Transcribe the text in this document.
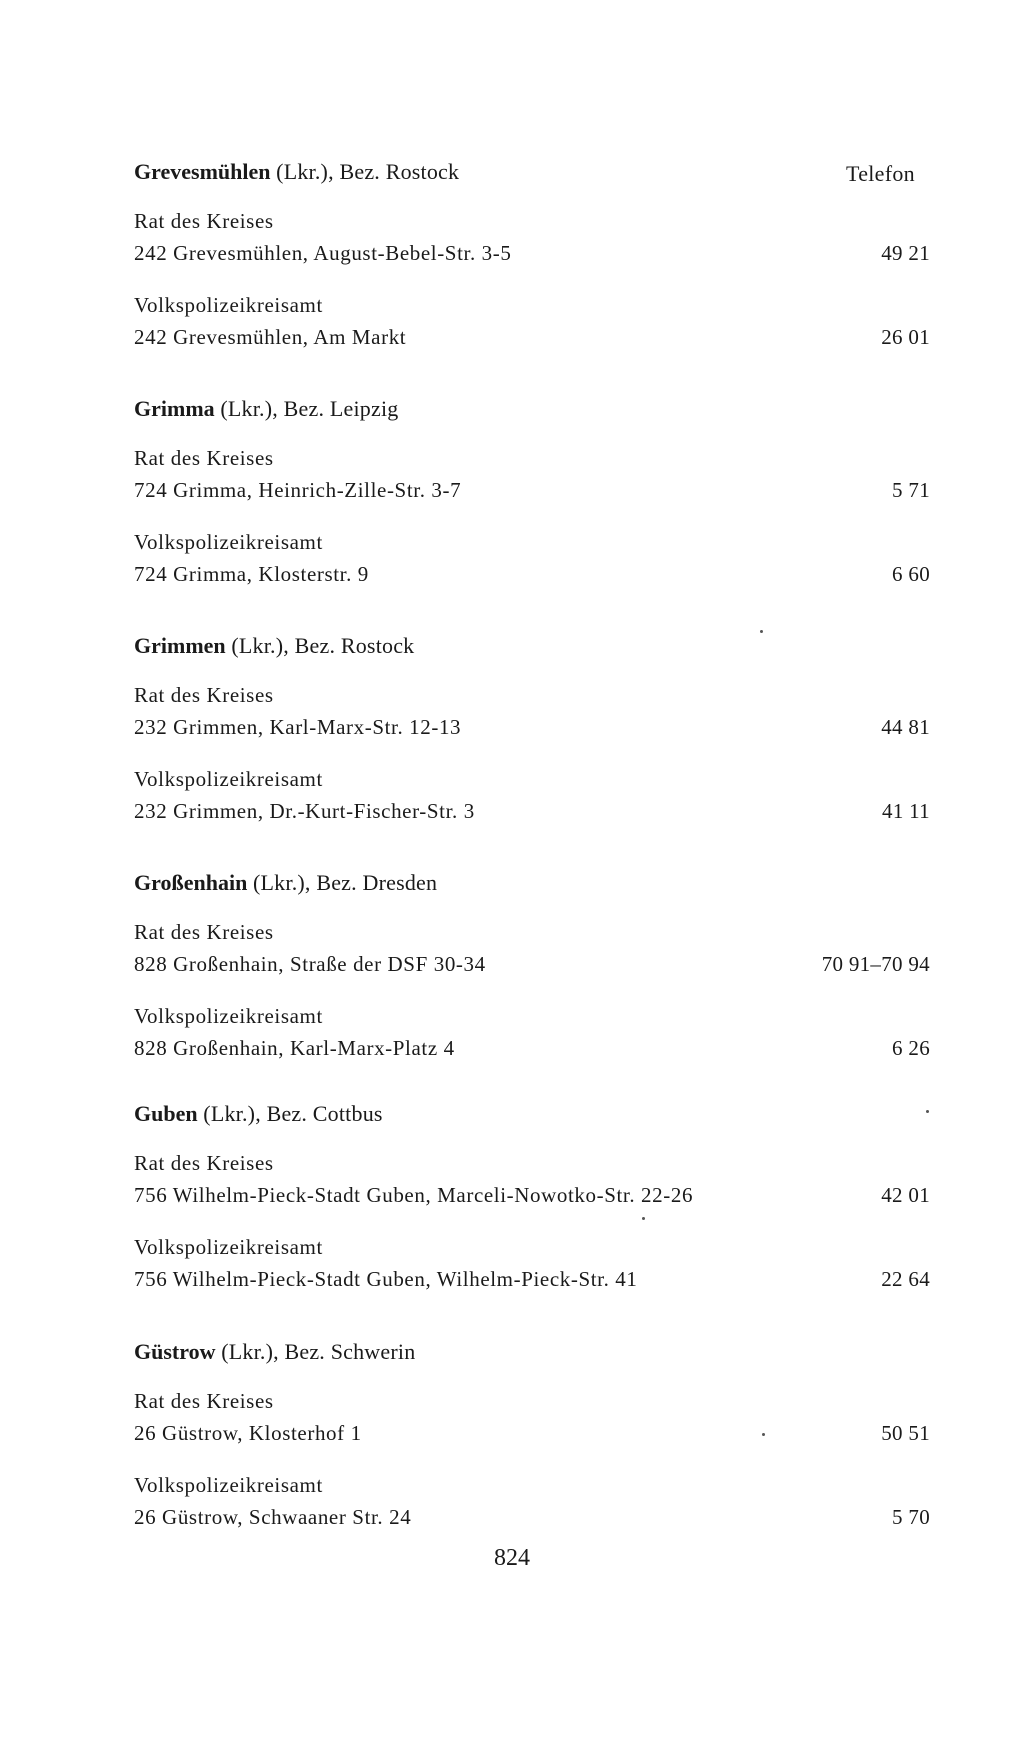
Telefon
Grevesmühlen (Lkr.), Bez. Rostock
Rat des Kreises
242 Grevesmühlen, August-Bebel-Str. 3-5	49 21
Volkspolizeikreisamt
242 Grevesmühlen, Am Markt	26 01
Grimma (Lkr.), Bez. Leipzig
Rat des Kreises
724 Grimma, Heinrich-Zille-Str. 3-7	5 71
Volkspolizeikreisamt
724 Grimma, Klosterstr. 9	6 60
Grimmen (Lkr.), Bez. Rostock
Rat des Kreises
232 Grimmen, Karl-Marx-Str. 12-13	44 81
Volkspolizeikreisamt
232 Grimmen, Dr.-Kurt-Fischer-Str. 3	41 11
Großenhain (Lkr.), Bez. Dresden
Rat des Kreises
828 Großenhain, Straße der DSF 30-34	70 91–70 94
Volkspolizeikreisamt
828 Großenhain, Karl-Marx-Platz 4	6 26
Guben (Lkr.), Bez. Cottbus
Rat des Kreises
756 Wilhelm-Pieck-Stadt Guben, Marceli-Nowotko-Str. 22-26	42 01
Volkspolizeikreisamt
756 Wilhelm-Pieck-Stadt Guben, Wilhelm-Pieck-Str. 41	22 64
Güstrow (Lkr.), Bez. Schwerin
Rat des Kreises
26 Güstrow, Klosterhof 1	50 51
Volkspolizeikreisamt
26 Güstrow, Schwaaner Str. 24	5 70
824
